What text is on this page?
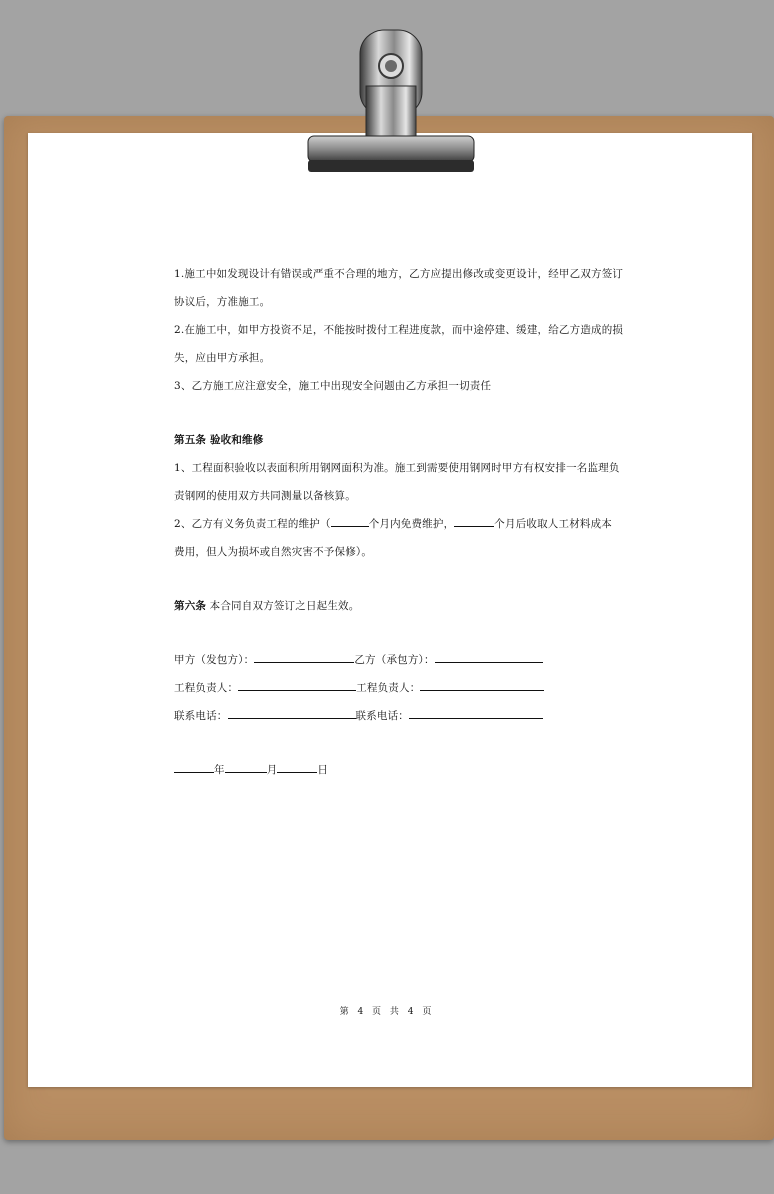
1.施工中如发现设计有错误或严重不合理的地方，乙方应提出修改或变更设计，经甲乙双方签订

协议后，方准施工。

2.在施工中，如甲方投资不足，不能按时拨付工程进度款，而中途停建、缓建，给乙方造成的损

失，应由甲方承担。

3、乙方施工应注意安全，施工中出现安全问题由乙方承担一切责任

第五条 验收和维修

1、工程面积验收以表面积所用钢网面积为准。施工到需要使用钢网时甲方有权安排一名监理负

责钢网的使用双方共同测量以备核算。

2、乙方有义务负责工程的维护（	个月内免费维护，	个月后收取人工材料成本

费用，但人为损坏或自然灾害不予保修）。

第六条 本合同自双方签订之日起生效。

甲方（发包方）：	乙方（承包方）：

工程负责人：	工程负责人：

联系电话：	联系电话：

年	月	日

第 4 页 共 4 页
